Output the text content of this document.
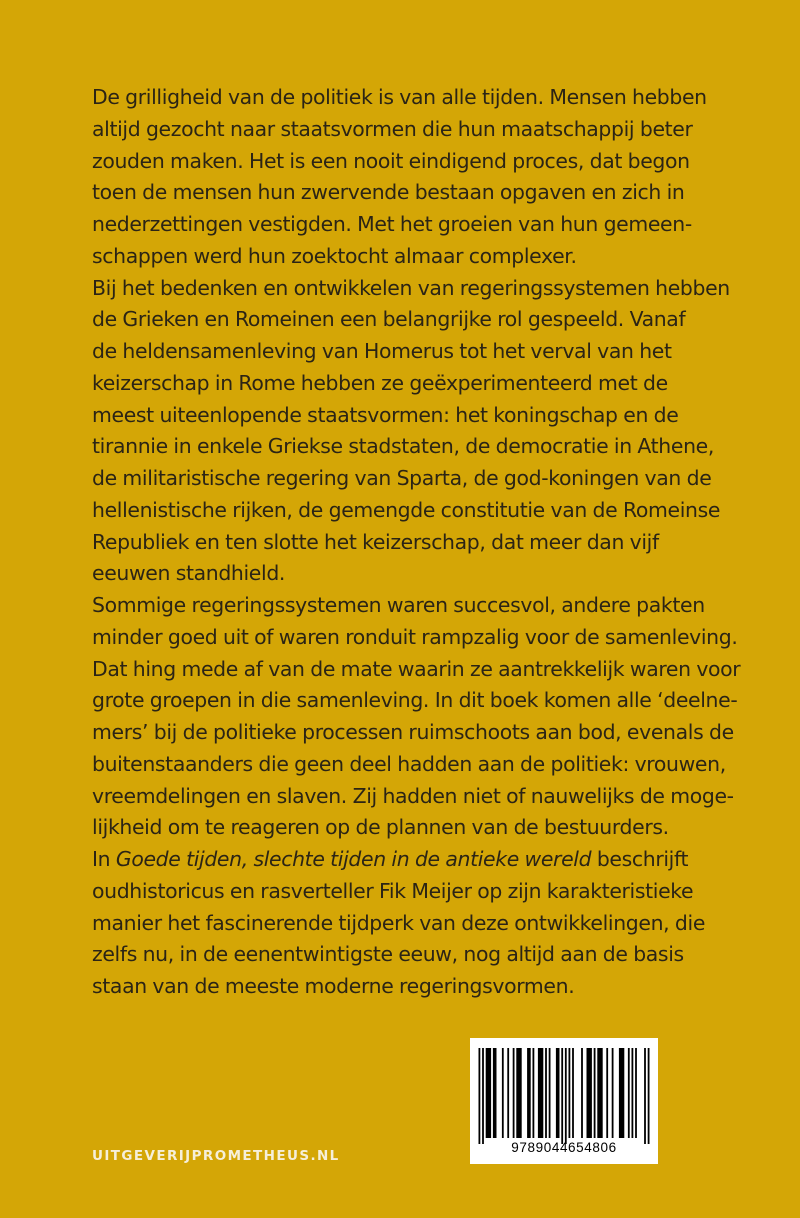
De grilligheid van de politiek is van alle tijden. Mensen hebben
altijd gezocht naar staatsvormen die hun maatschappij beter
zouden maken. Het is een nooit eindigend proces, dat begon
toen de mensen hun zwervende bestaan opgaven en zich in
nederzettingen vestigden. Met het groeien van hun gemeen-
schappen werd hun zoektocht almaar complexer.
Bij het bedenken en ontwikkelen van regeringssystemen hebben
de Grieken en Romeinen een belangrijke rol gespeeld. Vanaf
de heldensamenleving van Homerus tot het verval van het
keizerschap in Rome hebben ze geëxperimenteerd met de
meest uiteenlopende staatsvormen: het koningschap en de
tirannie in enkele Griekse stadstaten, de democratie in Athene,
de militaristische regering van Sparta, de god-koningen van de
hellenistische rijken, de gemengde constitutie van de Romeinse
Republiek en ten slotte het keizerschap, dat meer dan vijf
eeuwen standhield.
Sommige regeringssystemen waren succesvol, andere pakten
minder goed uit of waren ronduit rampzalig voor de samenleving.
Dat hing mede af van de mate waarin ze aantrekkelijk waren voor
grote groepen in die samenleving. In dit boek komen alle ‘deelne-
mers’ bij de politieke processen ruimschoots aan bod, evenals de
buitenstaanders die geen deel hadden aan de politiek: vrouwen,
vreemdelingen en slaven. Zij hadden niet of nauwelijks de moge-
lijkheid om te reageren op de plannen van de bestuurders.
In Goede tijden, slechte tijden in de antieke wereld beschrijft
oudhistoricus en rasverteller Fik Meijer op zijn karakteristieke
manier het fascinerende tijdperk van deze ontwikkelingen, die
zelfs nu, in de eenentwintigste eeuw, nog altijd aan de basis
staan van de meeste moderne regeringsvormen.
UITGEVERIJPROMETHEUS.NL
9789044654806
